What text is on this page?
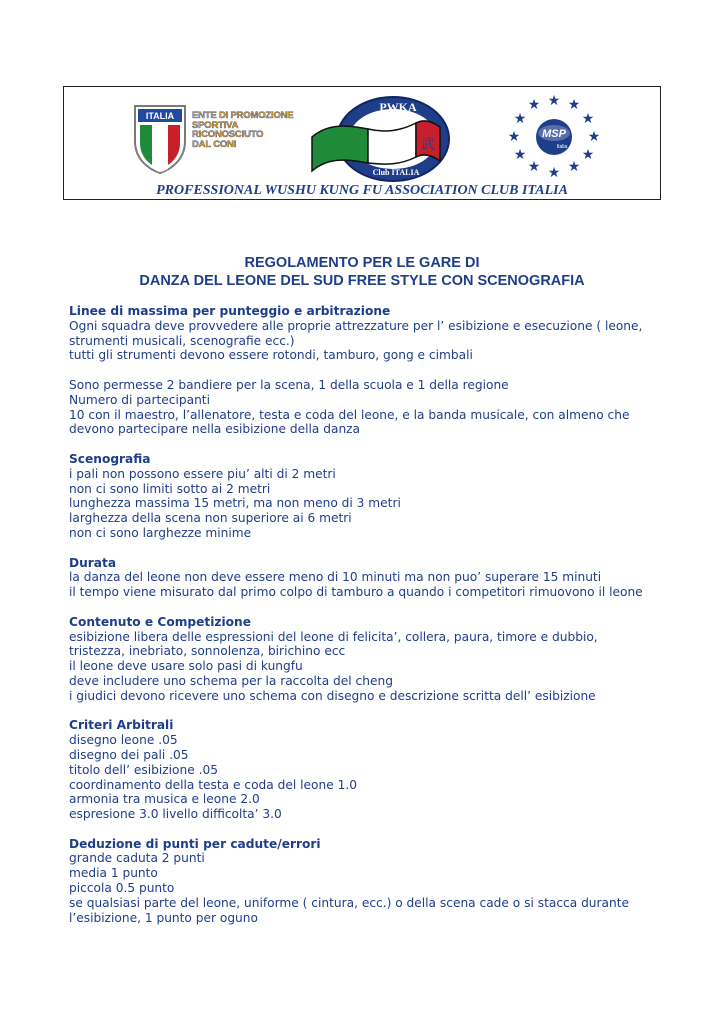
ITALIA ENTE DI PROMOZIONE
SPORTIVA
RICONOSCIUTO
DAL CONI
PWKA
武
Club ITALIA
★
★ ★
★	★
★	★
★	★
★ ★
★
MSP
Italia
PROFESSIONAL WUSHU KUNG FU ASSOCIATION CLUB ITALIA
REGOLAMENTO PER LE GARE DI
DANZA DEL LEONE DEL SUD FREE STYLE CON SCENOGRAFIA
Linee di massima per punteggio e arbitrazione

Ogni squadra deve provvedere alle proprie attrezzature per l’ esibizione e esecuzione ( leone,

strumenti musicali, scenografie ecc.)

tutti gli strumenti devono essere rotondi, tamburo, gong e cimbali

Sono permesse 2 bandiere per la scena, 1 della scuola e 1 della regione

Numero di partecipanti

10 con il maestro, l’allenatore, testa e coda del leone, e la banda musicale, con almeno che

devono partecipare nella esibizione della danza

Scenografia

i pali non possono essere piu’ alti di 2 metri

non ci sono limiti sotto ai 2 metri

lunghezza massima 15 metri, ma non meno di 3 metri

larghezza della scena non superiore ai 6 metri

non ci sono larghezze minime

Durata

la danza del leone non deve essere meno di 10 minuti ma non puo’ superare 15 minuti

il tempo viene misurato dal primo colpo di tamburo a quando i competitori rimuovono il leone

Contenuto e Competizione

esibizione libera delle espressioni del leone di felicita’, collera, paura, timore e dubbio,

tristezza, inebriato, sonnolenza, birichino ecc

il leone deve usare solo pasi di kungfu

deve includere uno schema per la raccolta del cheng

i giudici devono ricevere uno schema con disegno e descrizione scritta dell’ esibizione

Criteri Arbitrali

disegno leone .05

disegno dei pali .05

titolo dell’ esibizione .05

coordinamento della testa e coda del leone 1.0

armonia tra musica e leone 2.0

espresione 3.0 livello difficolta’ 3.0

Deduzione di punti per cadute/errori

grande caduta 2 punti

media 1 punto

piccola 0.5 punto

se qualsiasi parte del leone, uniforme ( cintura, ecc.) o della scena cade o si stacca durante

l’esibizione, 1 punto per oguno
